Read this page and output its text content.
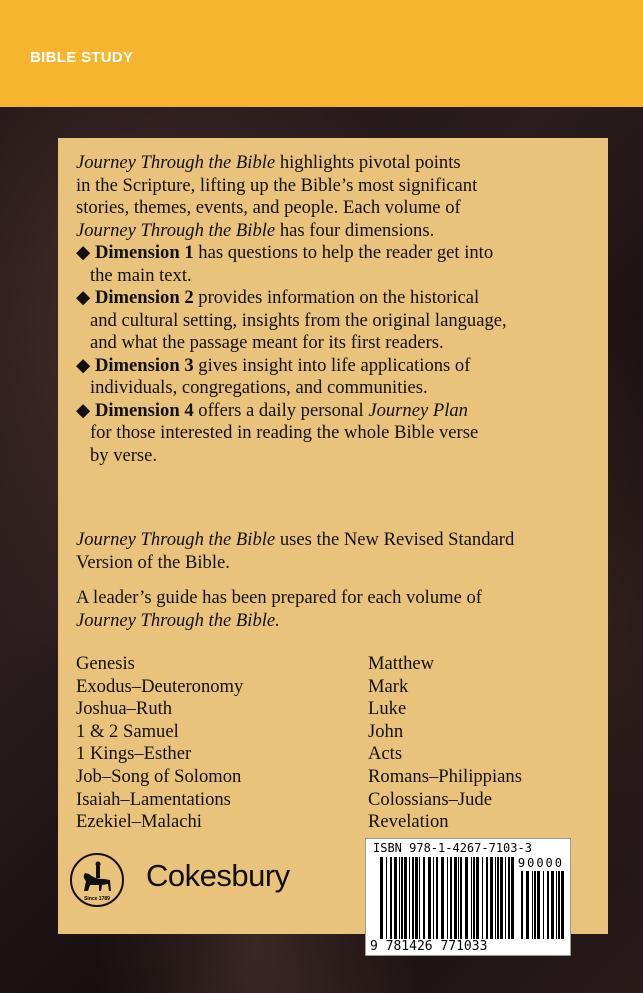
BIBLE STUDY
Journey Through the Bible highlights pivotal points
in the Scripture, lifting up the Bible’s most significant
stories, themes, events, and people. Each volume of
Journey Through the Bible has four dimensions.
◆ Dimension 1 has questions to help the reader get into
the main text.
◆ Dimension 2 provides information on the historical
and cultural setting, insights from the original language,
and what the passage meant for its first readers.
◆ Dimension 3 gives insight into life applications of
individuals, congregations, and communities.
◆ Dimension 4 offers a daily personal Journey Plan
for those interested in reading the whole Bible verse
by verse.
Journey Through the Bible uses the New Revised Standard
Version of the Bible.
A leader’s guide has been prepared for each volume of
Journey Through the Bible.
Genesis
Exodus–Deuteronomy
Joshua–Ruth
1 & 2 Samuel
1 Kings–Esther
Job–Song of Solomon
Isaiah–Lamentations
Ezekiel–Malachi
Matthew
Mark
Luke
John
Acts
Romans–Philippians
Colossians–Jude
Revelation
Since 1789
Cokesbury
ISBN 978-1-4267-7103-3
90000
9 781426 771033
